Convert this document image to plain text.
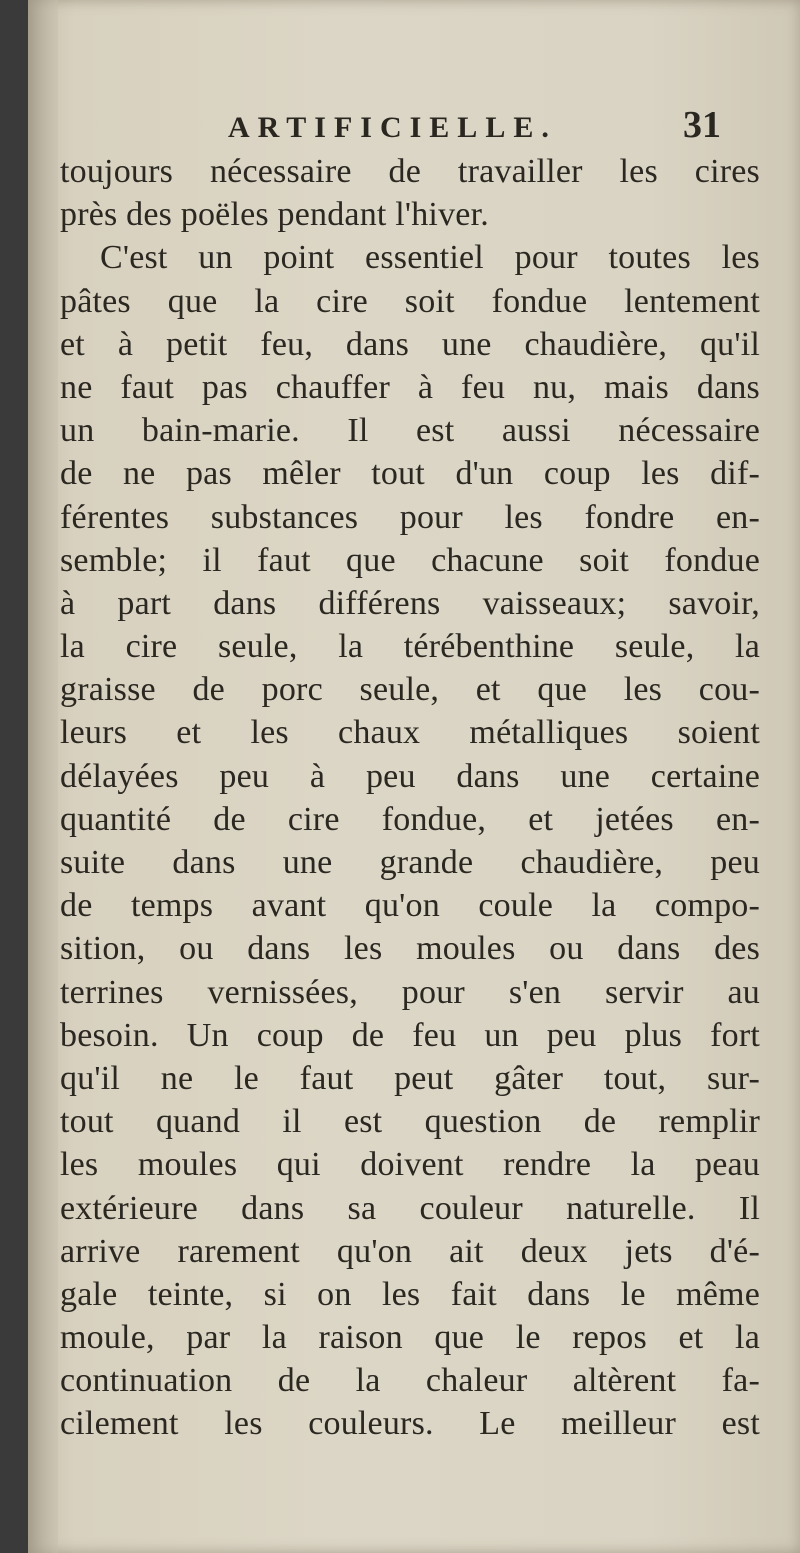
ARTIFICIELLE.	31
toujours nécessaire de travailler les cires
près des poëles pendant l'hiver.
C'est un point essentiel pour toutes les
pâtes que la cire soit fondue lentement
et à petit feu, dans une chaudière, qu'il
ne faut pas chauffer à feu nu, mais dans
un bain-marie. Il est aussi nécessaire
de ne pas mêler tout d'un coup les dif-
férentes substances pour les fondre en-
semble; il faut que chacune soit fondue
à part dans différens vaisseaux; savoir,
la cire seule, la térébenthine seule, la
graisse de porc seule, et que les cou-
leurs et les chaux métalliques soient
délayées peu à peu dans une certaine
quantité de cire fondue, et jetées en-
suite dans une grande chaudière, peu
de temps avant qu'on coule la compo-
sition, ou dans les moules ou dans des
terrines vernissées, pour s'en servir au
besoin. Un coup de feu un peu plus fort
qu'il ne le faut peut gâter tout, sur-
tout quand il est question de remplir
les moules qui doivent rendre la peau
extérieure dans sa couleur naturelle. Il
arrive rarement qu'on ait deux jets d'é-
gale teinte, si on les fait dans le même
moule, par la raison que le repos et la
continuation de la chaleur altèrent fa-
cilement les couleurs. Le meilleur est
